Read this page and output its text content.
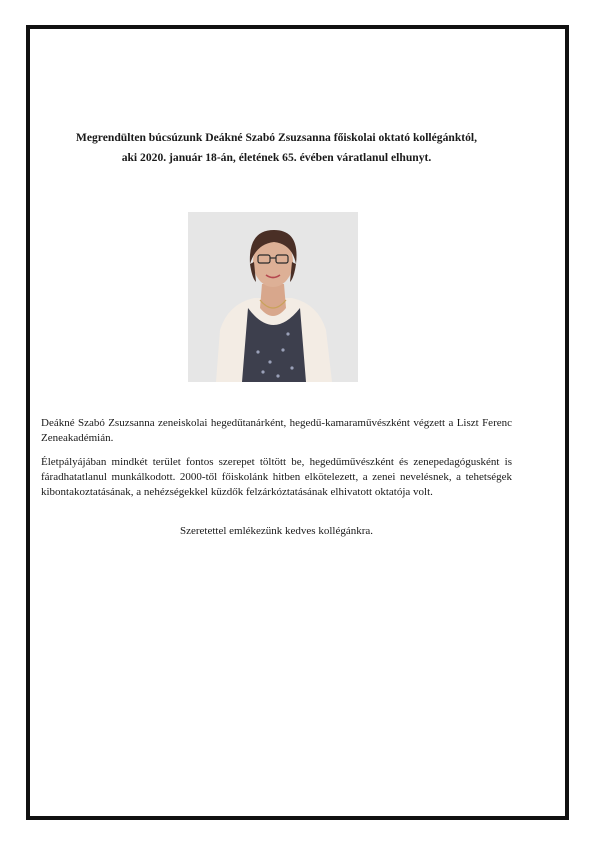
Megrendülten búcsúzunk Deákné Szabó Zsuzsanna főiskolai oktató kollégánktól,
aki 2020. január 18-án, életének 65. évében váratlanul elhunyt.

Deákné Szabó Zsuzsanna zeneiskolai hegedűtanárként, hegedű-kamaraművészként végzett a Liszt Ferenc Zeneakadémián.

Életpályájában mindkét terület fontos szerepet töltött be, hegedűművészként és zenepedagógusként is fáradhatatlanul munkálkodott. 2000-től főiskolánk hitben elkötelezett, a zenei nevelésnek, a tehetségek kibontakoztatásának, a nehézségekkel küzdők felzárkóztatásának elhivatott oktatója volt.

Szeretettel emlékezünk kedves kollégánkra.
